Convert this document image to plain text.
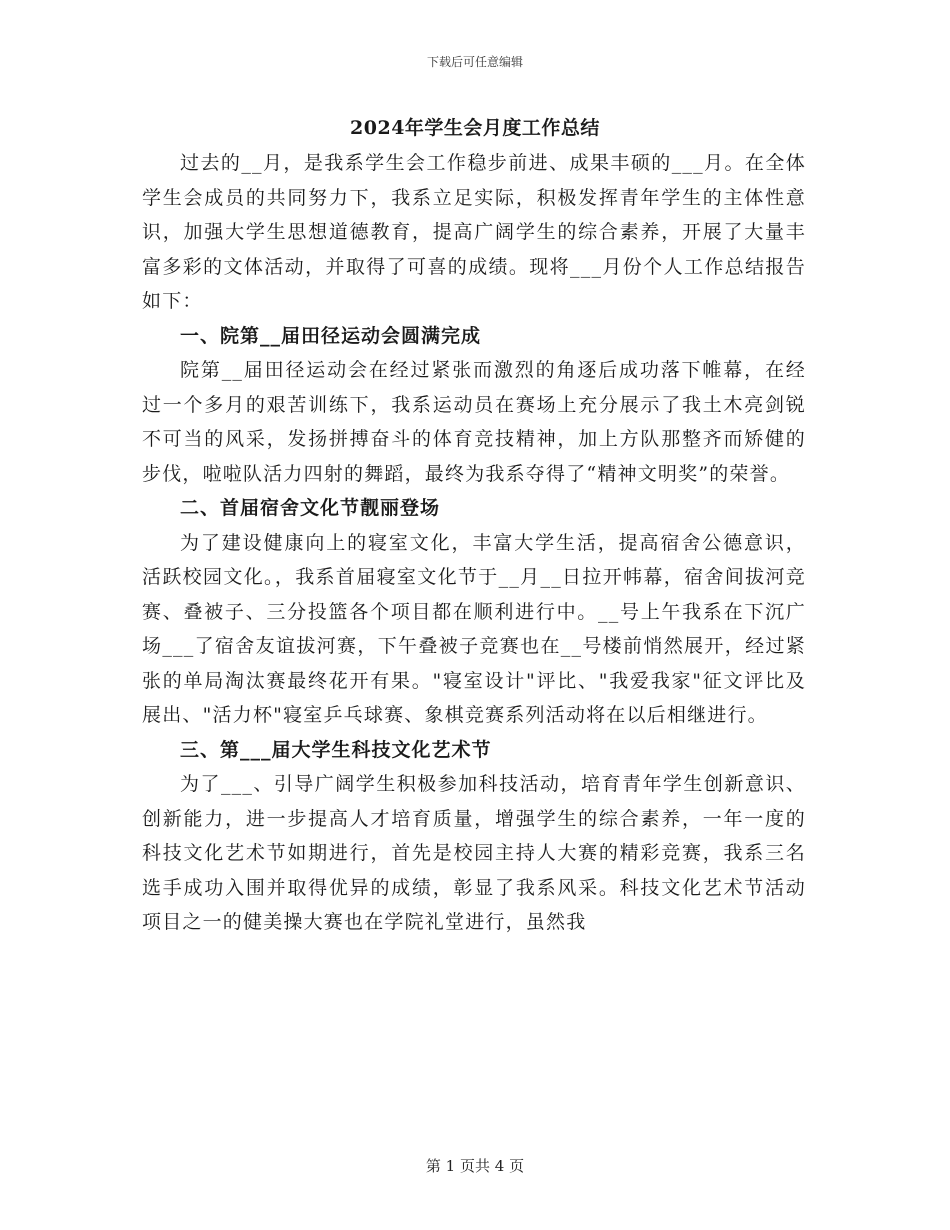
下载后可任意编辑
2024年学生会月度工作总结

过去的__月，是我系学生会工作稳步前进、成果丰硕的___月。在全体学生会成员的共同努力下，我系立足实际，积极发挥青年学生的主体性意识，加强大学生思想道德教育，提高广阔学生的综合素养，开展了大量丰富多彩的文体活动，并取得了可喜的成绩。现将___月份个人工作总结报告如下：

一、院第__届田径运动会圆满完成

院第__届田径运动会在经过紧张而激烈的角逐后成功落下帷幕，在经过一个多月的艰苦训练下，我系运动员在赛场上充分展示了我土木亮剑锐不可当的风采，发扬拼搏奋斗的体育竞技精神，加上方队那整齐而矫健的步伐，啦啦队活力四射的舞蹈，最终为我系夺得了“精神文明奖”的荣誉。

二、首届宿舍文化节靓丽登场

为了建设健康向上的寝室文化，丰富大学生活，提高宿舍公德意识，活跃校园文化。，我系首届寝室文化节于__月__日拉开帏幕，宿舍间拔河竞赛、叠被子、三分投篮各个项目都在顺利进行中。__号上午我系在下沉广场___了宿舍友谊拔河赛，下午叠被子竞赛也在__号楼前悄然展开，经过紧张的单局淘汰赛最终花开有果。"寝室设计"评比、"我爱我家"征文评比及展出、"活力杯"寝室乒乓球赛、象棋竞赛系列活动将在以后相继进行。

三、第___届大学生科技文化艺术节

为了___、引导广阔学生积极参加科技活动，培育青年学生创新意识、创新能力，进一步提高人才培育质量，增强学生的综合素养，一年一度的科技文化艺术节如期进行，首先是校园主持人大赛的精彩竞赛，我系三名选手成功入围并取得优异的成绩，彰显了我系风采。科技文化艺术节活动项目之一的健美操大赛也在学院礼堂进行，虽然我

第 1 页共 4 页
